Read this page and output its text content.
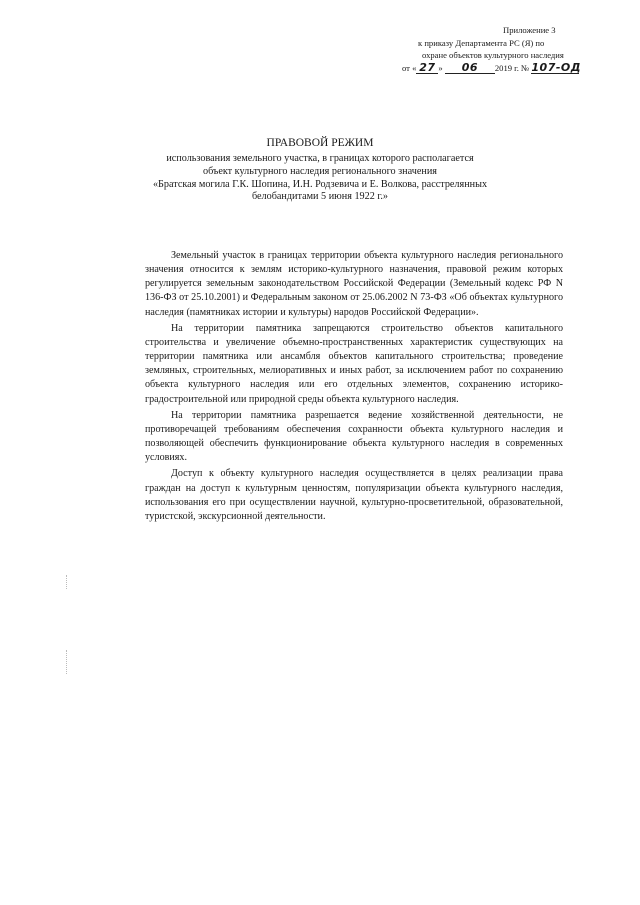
Приложение 3
к приказу Департамента РС (Я) по
охране объектов культурного наследия
от « 27 » 06 2019 г. № 107-ОД
ПРАВОВОЙ РЕЖИМ
использования земельного участка, в границах которого располагается
объект культурного наследия регионального значения
«Братская могила Г.К. Шопина, И.Н. Родзевича и Е. Волкова, расстрелянных
белобандитами 5 июня 1922 г.»

Земельный участок в границах территории объекта культурного наследия регионального значения относится к землям историко-культурного назначения, правовой режим которых регулируется земельным законодательством Российской Федерации (Земельный кодекс РФ N 136-ФЗ от 25.10.2001) и Федеральным законом от 25.06.2002 N 73-ФЗ «Об объектах культурного наследия (памятниках истории и культуры) народов Российской Федерации».

На территории памятника запрещаются строительство объектов капитального строительства и увеличение объемно-пространственных характеристик существующих на территории памятника или ансамбля объектов капитального строительства; проведение земляных, строительных, мелиоративных и иных работ, за исключением работ по сохранению объекта культурного наследия или его отдельных элементов, сохранению историко-градостроительной или природной среды объекта культурного наследия.

На территории памятника разрешается ведение хозяйственной деятельности, не противоречащей требованиям обеспечения сохранности объекта культурного наследия и позволяющей обеспечить функционирование объекта культурного наследия в современных условиях.

Доступ к объекту культурного наследия осуществляется в целях реализации права граждан на доступ к культурным ценностям, популяризации объекта культурного наследия, использования его при осуществлении научной, культурно-просветительной, образовательной, туристской, экскурсионной деятельности.
